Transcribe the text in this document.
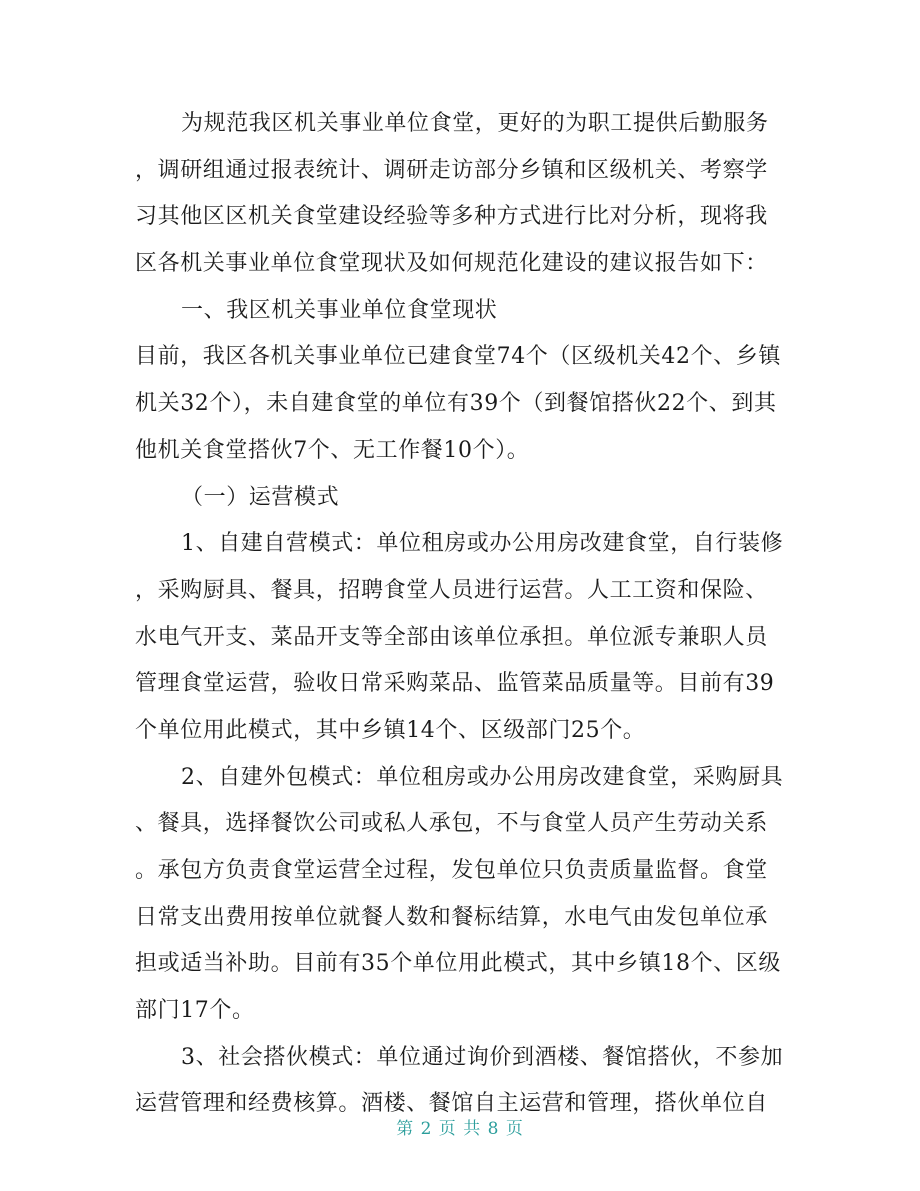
为规范我区机关事业单位食堂，更好的为职工提供后勤服务
，调研组通过报表统计、调研走访部分乡镇和区级机关、考察学
习其他区区机关食堂建设经验等多种方式进行比对分析，现将我
区各机关事业单位食堂现状及如何规范化建设的建议报告如下：
一、我区机关事业单位食堂现状
目前，我区各机关事业单位已建食堂74个（区级机关42个、乡镇
机关32个），未自建食堂的单位有39个（到餐馆搭伙22个、到其
他机关食堂搭伙7个、无工作餐10个）。
（一）运营模式
1、自建自营模式：单位租房或办公用房改建食堂，自行装修
，采购厨具、餐具，招聘食堂人员进行运营。人工工资和保险、
水电气开支、菜品开支等全部由该单位承担。单位派专兼职人员
管理食堂运营，验收日常采购菜品、监管菜品质量等。目前有39
个单位用此模式，其中乡镇14个、区级部门25个。
2、自建外包模式：单位租房或办公用房改建食堂，采购厨具
、餐具，选择餐饮公司或私人承包，不与食堂人员产生劳动关系
。承包方负责食堂运营全过程，发包单位只负责质量监督。食堂
日常支出费用按单位就餐人数和餐标结算，水电气由发包单位承
担或适当补助。目前有35个单位用此模式，其中乡镇18个、区级
部门17个。
3、社会搭伙模式：单位通过询价到酒楼、餐馆搭伙，不参加
运营管理和经费核算。酒楼、餐馆自主运营和管理，搭伙单位自
第 2 页 共 8 页
